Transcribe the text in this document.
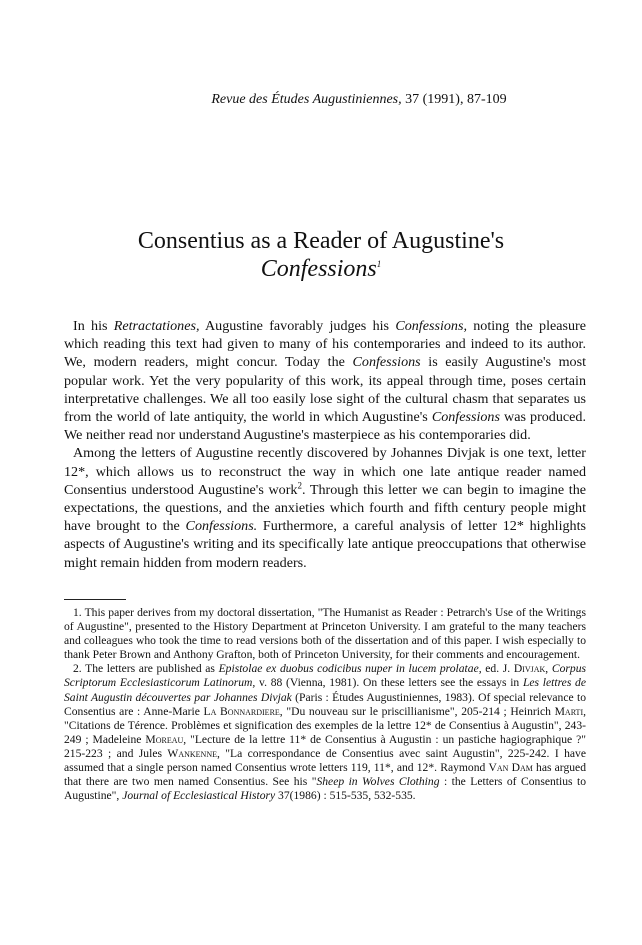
Revue des Études Augustiniennes, 37 (1991), 87-109
Consentius as a Reader of Augustine's
Confessions$^1$

In his Retractationes, Augustine favorably judges his Confessions, noting the pleasure which reading this text had given to many of his contemporaries and indeed to its author. We, modern readers, might concur. Today the Confessions is easily Augustine's most popular work. Yet the very popularity of this work, its appeal through time, poses certain interpretative challenges. We all too easily lose sight of the cultural chasm that separates us from the world of late antiquity, the world in which Augustine's Confessions was produced. We neither read nor understand Augustine's masterpiece as his contemporaries did.

Among the letters of Augustine recently discovered by Johannes Divjak is one text, letter 12*, which allows us to reconstruct the way in which one late antique reader named Consentius understood Augustine's work$^2$. Through this letter we can begin to imagine the expectations, the questions, and the anxieties which fourth and fifth century people might have brought to the Confessions. Furthermore, a careful analysis of letter 12* highlights aspects of Augustine's writing and its specifically late antique preoccupations that otherwise might remain hidden from modern readers.

1. This paper derives from my doctoral dissertation, "The Humanist as Reader : Petrarch's Use of the Writings of Augustine", presented to the History Department at Princeton University. I am grateful to the many teachers and colleagues who took the time to read versions both of the dissertation and of this paper. I wish especially to thank Peter Brown and Anthony Grafton, both of Princeton University, for their comments and encouragement.

2. The letters are published as Epistolae ex duobus codicibus nuper in lucem prolatae, ed. J. Divjak, Corpus Scriptorum Ecclesiasticorum Latinorum, v. 88 (Vienna, 1981). On these letters see the essays in Les lettres de Saint Augustin découvertes par Johannes Divjak (Paris : Études Augustiniennes, 1983). Of special relevance to Consentius are : Anne-Marie La Bonnardiere, "Du nouveau sur le priscillianisme", 205-214 ; Heinrich Marti, "Citations de Térence. Problèmes et signification des exemples de la lettre 12* de Consentius à Augustin", 243-249 ; Madeleine Moreau, "Lecture de la lettre 11* de Consentius à Augustin : un pastiche hagiographique ?" 215-223 ; and Jules Wankenne, "La correspondance de Consentius avec saint Augustin", 225-242. I have assumed that a single person named Consentius wrote letters 119, 11*, and 12*. Raymond Van Dam has argued that there are two men named Consentius. See his "Sheep in Wolves Clothing : the Letters of Consentius to Augustine", Journal of Ecclesiastical History 37(1986) : 515-535, 532-535.
